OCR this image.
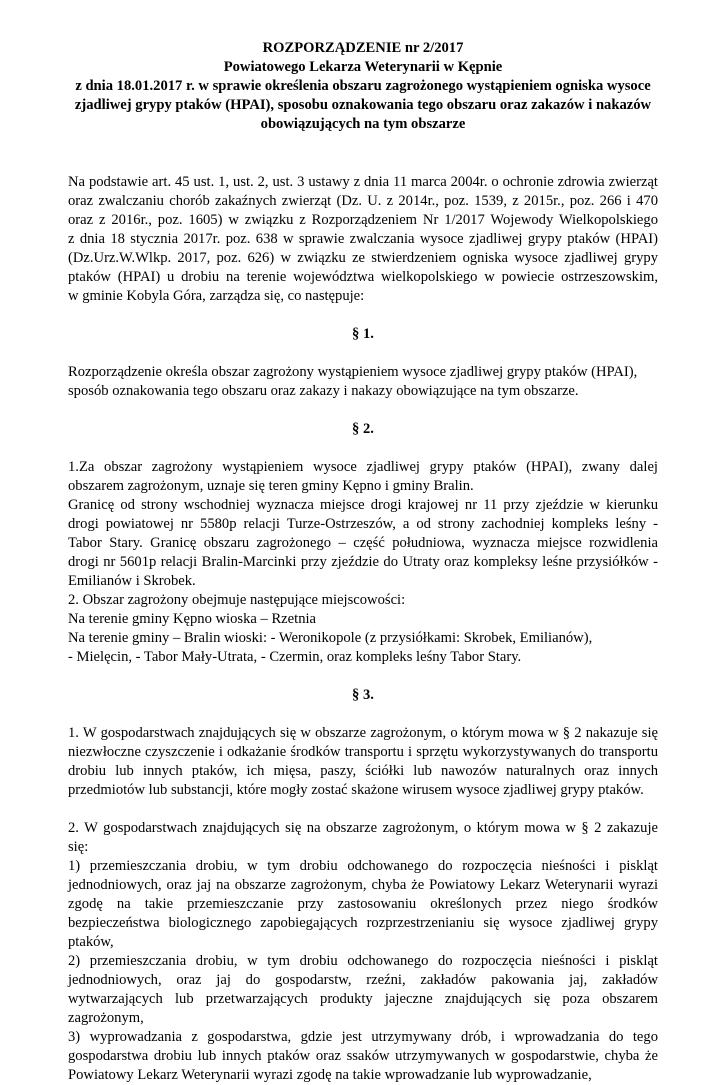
ROZPORZĄDZENIE nr 2/2017
Powiatowego Lekarza Weterynarii w Kępnie
z dnia 18.01.2017 r. w sprawie określenia obszaru zagrożonego wystąpieniem ogniska wysoce
zjadliwej grypy ptaków (HPAI), sposobu oznakowania tego obszaru oraz zakazów i nakazów
obowiązujących na tym obszarze
Na podstawie art. 45 ust. 1, ust. 2, ust. 3 ustawy z dnia 11 marca 2004r. o ochronie zdrowia zwierząt
oraz zwalczaniu chorób zakaźnych zwierząt (Dz. U. z 2014r., poz. 1539, z 2015r., poz. 266 i 470
oraz z 2016r., poz. 1605) w związku z Rozporządzeniem Nr 1/2017 Wojewody Wielkopolskiego
z dnia 18 stycznia 2017r. poz. 638 w sprawie zwalczania wysoce zjadliwej grypy ptaków (HPAI)
(Dz.Urz.W.Wlkp. 2017, poz. 626) w związku ze stwierdzeniem ogniska wysoce zjadliwej grypy
ptaków (HPAI) u drobiu na terenie województwa wielkopolskiego w powiecie ostrzeszowskim,
w gminie Kobyla Góra, zarządza się, co następuje:

§ 1.

Rozporządzenie określa obszar zagrożony wystąpieniem wysoce zjadliwej grypy ptaków (HPAI),
sposób oznakowania tego obszaru oraz zakazy i nakazy obowiązujące na tym obszarze.

§ 2.

1.Za obszar zagrożony wystąpieniem wysoce zjadliwej grypy ptaków (HPAI), zwany dalej
obszarem zagrożonym, uznaje się teren gminy Kępno i gminy Bralin.
Granicę od strony wschodniej wyznacza miejsce drogi krajowej nr 11 przy zjeździe w kierunku
drogi powiatowej nr 5580p relacji Turze-Ostrzeszów, a od strony zachodniej kompleks leśny -
Tabor Stary. Granicę obszaru zagrożonego – część południowa, wyznacza miejsce rozwidlenia
drogi nr 5601p relacji Bralin-Marcinki przy zjeździe do Utraty oraz kompleksy leśne przysiółków -
Emilianów i Skrobek.
2. Obszar zagrożony obejmuje następujące miejscowości:
Na terenie gminy Kępno wioska – Rzetnia
Na terenie gminy – Bralin wioski: - Weronikopole (z przysiółkami: Skrobek, Emilianów),
- Mielęcin, - Tabor Mały-Utrata, - Czermin, oraz kompleks leśny Tabor Stary.

§ 3.

1. W gospodarstwach znajdujących się w obszarze zagrożonym, o którym mowa w § 2 nakazuje się
niezwłoczne czyszczenie i odkażanie środków transportu i sprzętu wykorzystywanych do transportu
drobiu lub innych ptaków, ich mięsa, paszy, ściółki lub nawozów naturalnych oraz innych
przedmiotów lub substancji, które mogły zostać skażone wirusem wysoce zjadliwej grypy ptaków.
2. W gospodarstwach znajdujących się na obszarze zagrożonym, o którym mowa w § 2 zakazuje
się:
1) przemieszczania drobiu, w tym drobiu odchowanego do rozpoczęcia nieśności i piskląt
jednodniowych, oraz jaj na obszarze zagrożonym, chyba że Powiatowy Lekarz Weterynarii wyrazi
zgodę na takie przemieszczanie przy zastosowaniu określonych przez niego środków
bezpieczeństwa biologicznego zapobiegających rozprzestrzenianiu się wysoce zjadliwej grypy
ptaków,
2) przemieszczania drobiu, w tym drobiu odchowanego do rozpoczęcia nieśności i piskląt
jednodniowych, oraz jaj do gospodarstw, rzeźni, zakładów pakowania jaj, zakładów
wytwarzających lub przetwarzających produkty jajeczne znajdujących się poza obszarem
zagrożonym,
3) wyprowadzania z gospodarstwa, gdzie jest utrzymywany drób, i wprowadzania do tego
gospodarstwa drobiu lub innych ptaków oraz ssaków utrzymywanych w gospodarstwie, chyba że
Powiatowy Lekarz Weterynarii wyrazi zgodę na takie wprowadzanie lub wyprowadzanie,
